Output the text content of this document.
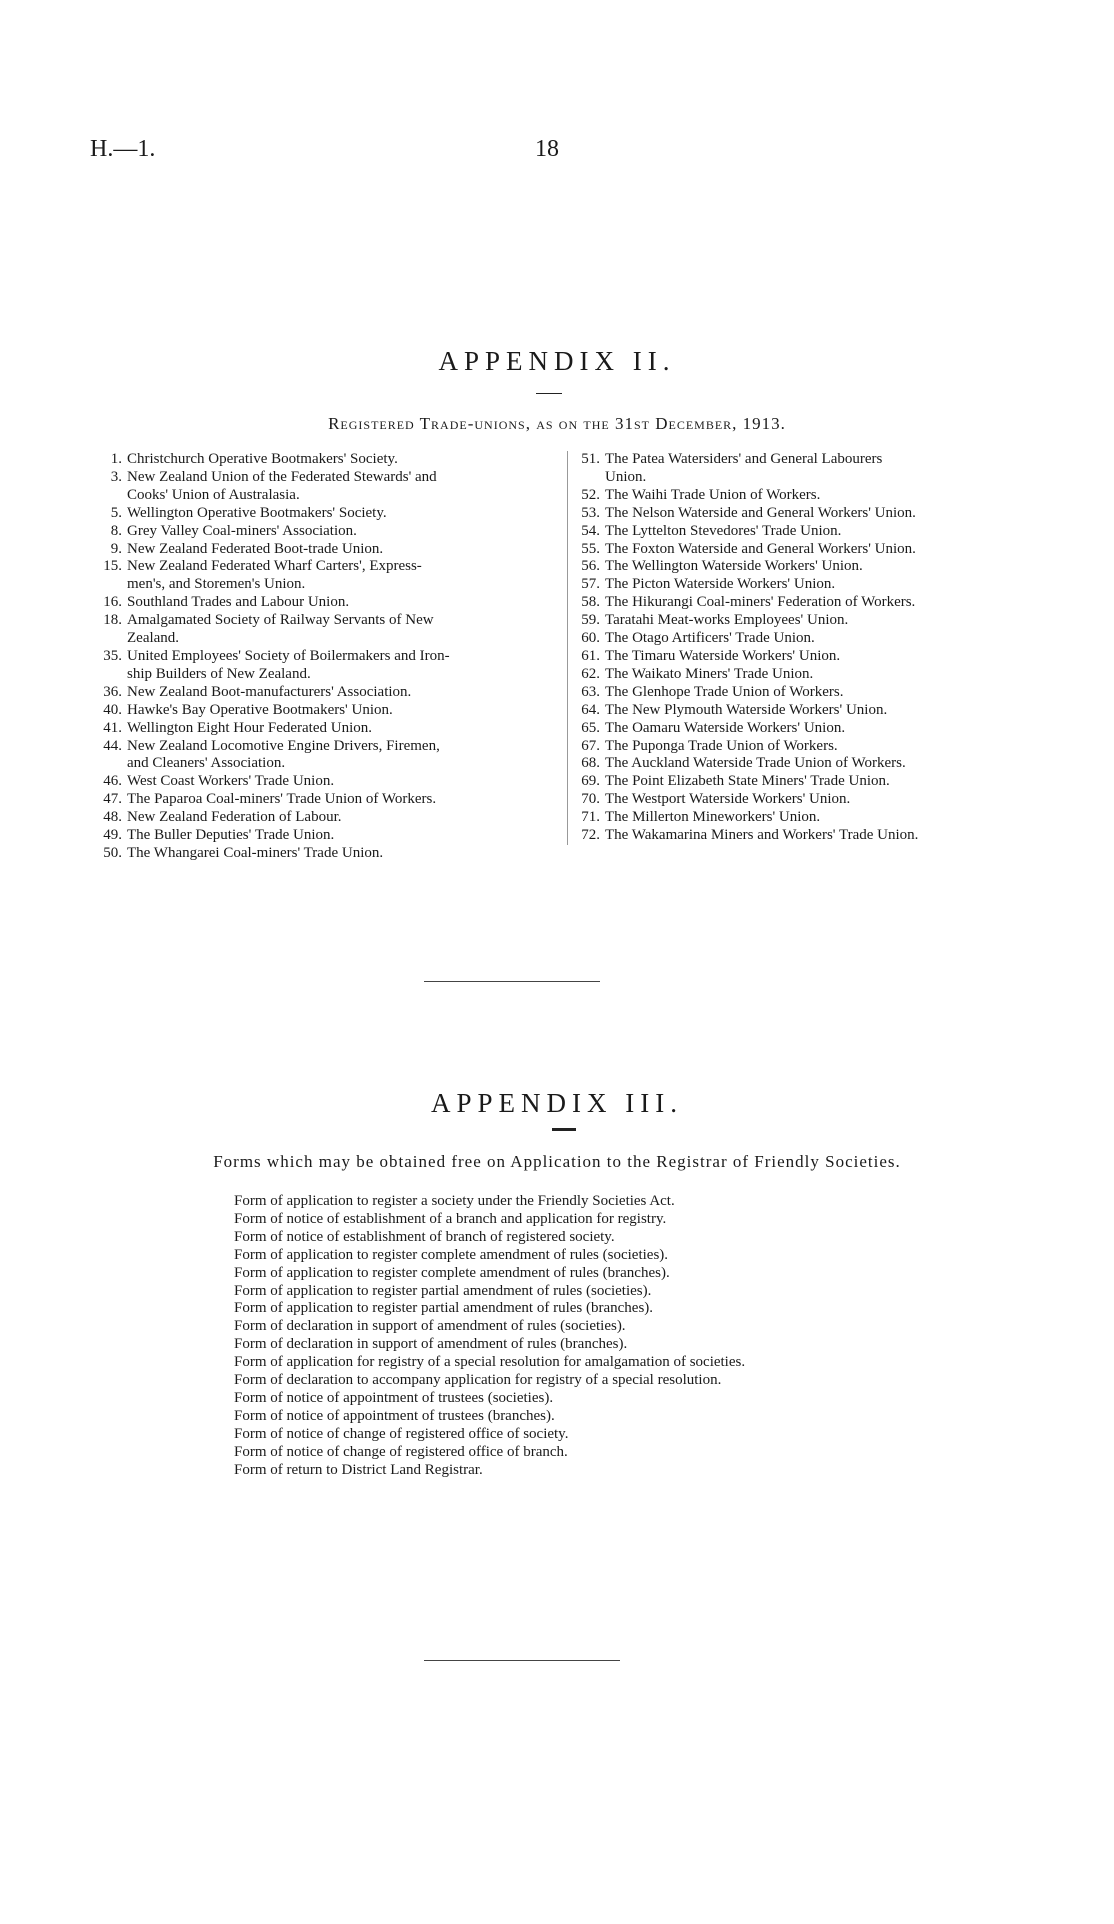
H.—1.	18
APPENDIX II.
Registered Trade-unions, as on the 31st December, 1913.
1. Christchurch Operative Bootmakers' Society.
3. New Zealand Union of the Federated Stewards' and
Cooks' Union of Australasia.
5. Wellington Operative Bootmakers' Society.
8. Grey Valley Coal-miners' Association.
9. New Zealand Federated Boot-trade Union.
15. New Zealand Federated Wharf Carters', Express-
men's, and Storemen's Union.
16. Southland Trades and Labour Union.
18. Amalgamated Society of Railway Servants of New
Zealand.
35. United Employees' Society of Boilermakers and Iron-
ship Builders of New Zealand.
36. New Zealand Boot-manufacturers' Association.
40. Hawke's Bay Operative Bootmakers' Union.
41. Wellington Eight Hour Federated Union.
44. New Zealand Locomotive Engine Drivers, Firemen,
and Cleaners' Association.
46. West Coast Workers' Trade Union.
47. The Paparoa Coal-miners' Trade Union of Workers.
48. New Zealand Federation of Labour.
49. The Buller Deputies' Trade Union.
50. The Whangarei Coal-miners' Trade Union.
51. The Patea Watersiders' and General Labourers
Union.
52. The Waihi Trade Union of Workers.
53. The Nelson Waterside and General Workers' Union.
54. The Lyttelton Stevedores' Trade Union.
55. The Foxton Waterside and General Workers' Union.
56. The Wellington Waterside Workers' Union.
57. The Picton Waterside Workers' Union.
58. The Hikurangi Coal-miners' Federation of Workers.
59. Taratahi Meat-works Employees' Union.
60. The Otago Artificers' Trade Union.
61. The Timaru Waterside Workers' Union.
62. The Waikato Miners' Trade Union.
63. The Glenhope Trade Union of Workers.
64. The New Plymouth Waterside Workers' Union.
65. The Oamaru Waterside Workers' Union.
67. The Puponga Trade Union of Workers.
68. The Auckland Waterside Trade Union of Workers.
69. The Point Elizabeth State Miners' Trade Union.
70. The Westport Waterside Workers' Union.
71. The Millerton Mineworkers' Union.
72. The Wakamarina Miners and Workers' Trade Union.
APPENDIX III.
Forms which may be obtained free on Application to the Registrar of Friendly Societies.
Form of application to register a society under the Friendly Societies Act.
Form of notice of establishment of a branch and application for registry.
Form of notice of establishment of branch of registered society.
Form of application to register complete amendment of rules (societies).
Form of application to register complete amendment of rules (branches).
Form of application to register partial amendment of rules (societies).
Form of application to register partial amendment of rules (branches).
Form of declaration in support of amendment of rules (societies).
Form of declaration in support of amendment of rules (branches).
Form of application for registry of a special resolution for amalgamation of societies.
Form of declaration to accompany application for registry of a special resolution.
Form of notice of appointment of trustees (societies).
Form of notice of appointment of trustees (branches).
Form of notice of change of registered office of society.
Form of notice of change of registered office of branch.
Form of return to District Land Registrar.
